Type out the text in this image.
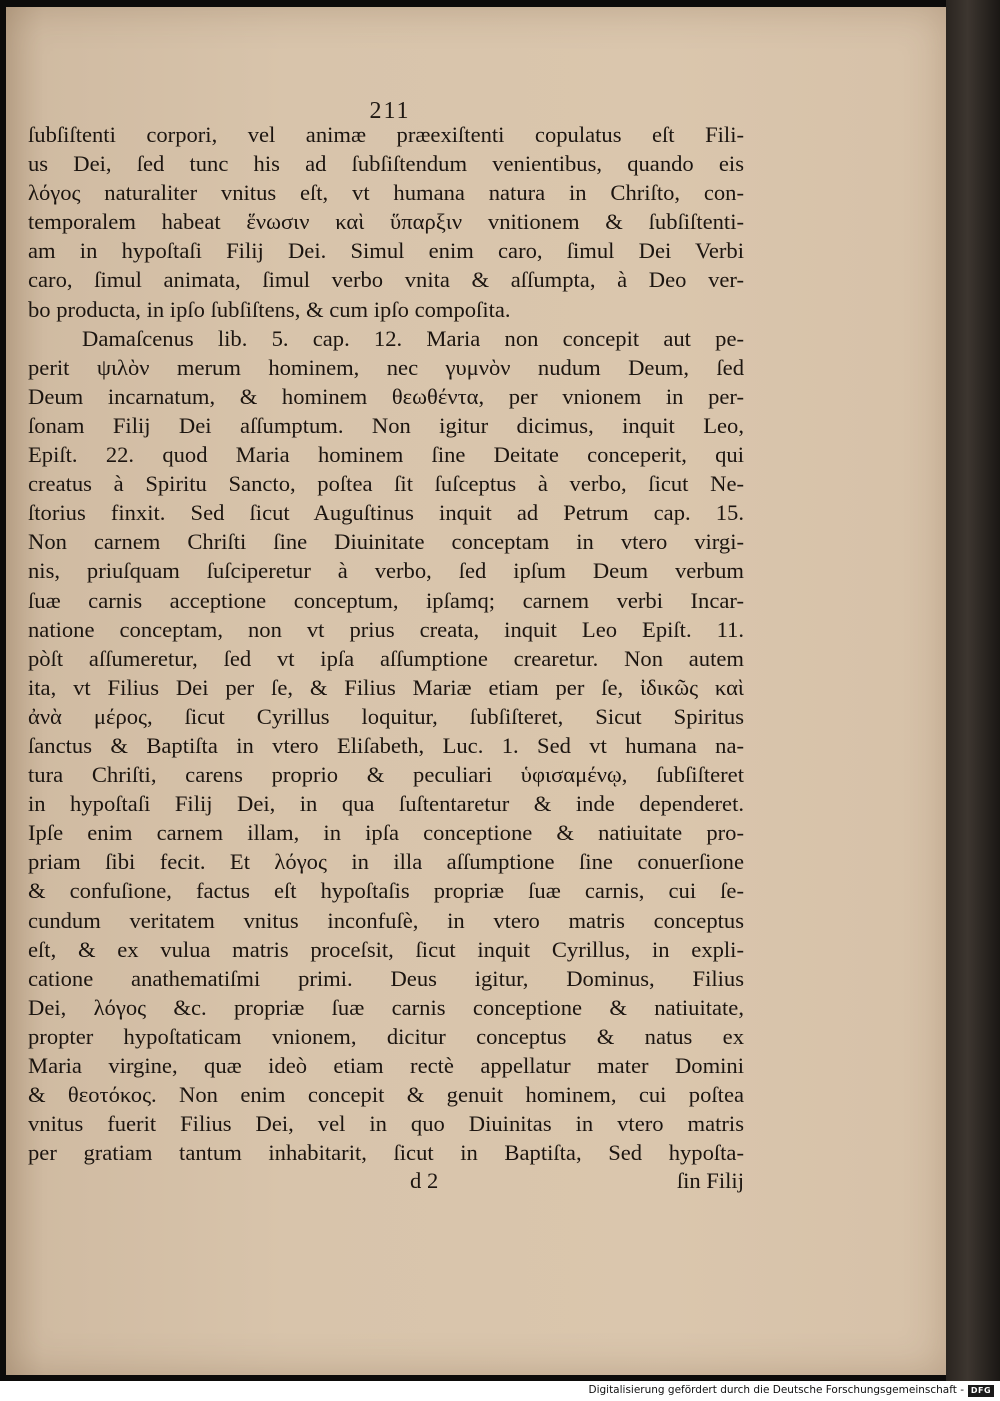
211
ſubſiſtenti corpori, vel animæ præexiſtenti copulatus eſt Fili-
us Dei, ſed tunc his ad ſubſiſtendum venientibus, quando eis
λόγος naturaliter vnitus eſt, vt humana natura in Chriſto, con-
temporalem habeat ἕνωσιν καὶ ὕπαρξιν vnitionem & ſubſiſtenti-
am in hypoſtaſi Filij Dei. Simul enim caro, ſimul Dei Verbi
caro, ſimul animata, ſimul verbo vnita & aſſumpta, à Deo ver-
bo producta, in ipſo ſubſiſtens, & cum ipſo compoſita.
Damaſcenus lib. 5. cap. 12. Maria non concepit aut pe-
perit ψιλὸν merum hominem, nec γυμνὸν nudum Deum, ſed
Deum incarnatum, & hominem θεωθέντα, per vnionem in per-
ſonam Filij Dei aſſumptum. Non igitur dicimus, inquit Leo,
Epiſt. 22. quod Maria hominem ſine Deitate conceperit, qui
creatus à Spiritu Sancto, poſtea ſit ſuſceptus à verbo, ſicut Ne-
ſtorius finxit. Sed ſicut Auguſtinus inquit ad Petrum cap. 15.
Non carnem Chriſti ſine Diuinitate conceptam in vtero virgi-
nis, priuſquam ſuſciperetur à verbo, ſed ipſum Deum verbum
ſuæ carnis acceptione conceptum, ipſamq; carnem verbi Incar-
natione conceptam, non vt prius creata, inquit Leo Epiſt. 11.
pòſt aſſumeretur, ſed vt ipſa aſſumptione crearetur. Non autem
ita, vt Filius Dei per ſe, & Filius Mariæ etiam per ſe, ἰδικῶς καὶ
ἀνὰ μέρος, ſicut Cyrillus loquitur, ſubſiſteret, Sicut Spiritus
ſanctus & Baptiſta in vtero Eliſabeth, Luc. 1. Sed vt humana na-
tura Chriſti, carens proprio & peculiari ὑφισαμένῳ, ſubſiſteret
in hypoſtaſi Filij Dei, in qua ſuſtentaretur & inde dependeret.
Ipſe enim carnem illam, in ipſa conceptione & natiuitate pro-
priam ſibi fecit. Et λόγος in illa aſſumptione ſine conuerſione
& confuſione, factus eſt hypoſtaſis propriæ ſuæ carnis, cui ſe-
cundum veritatem vnitus inconfuſè, in vtero matris conceptus
eſt, & ex vulua matris proceſsit, ſicut inquit Cyrillus, in expli-
catione anathematiſmi primi. Deus igitur, Dominus, Filius
Dei, λόγος &c. propriæ ſuæ carnis conceptione & natiuitate,
propter hypoſtaticam vnionem, dicitur conceptus & natus ex
Maria virgine, quæ ideò etiam rectè appellatur mater Domini
& θεοτόκος. Non enim concepit & genuit hominem, cui poſtea
vnitus fuerit Filius Dei, vel in quo Diuinitas in vtero matris
per gratiam tantum inhabitarit, ſicut in Baptiſta, Sed hypoſta-
d 2	ſin Filij
Digitalisierung gefördert durch die Deutsche Forschungsgemeinschaft - DFG
